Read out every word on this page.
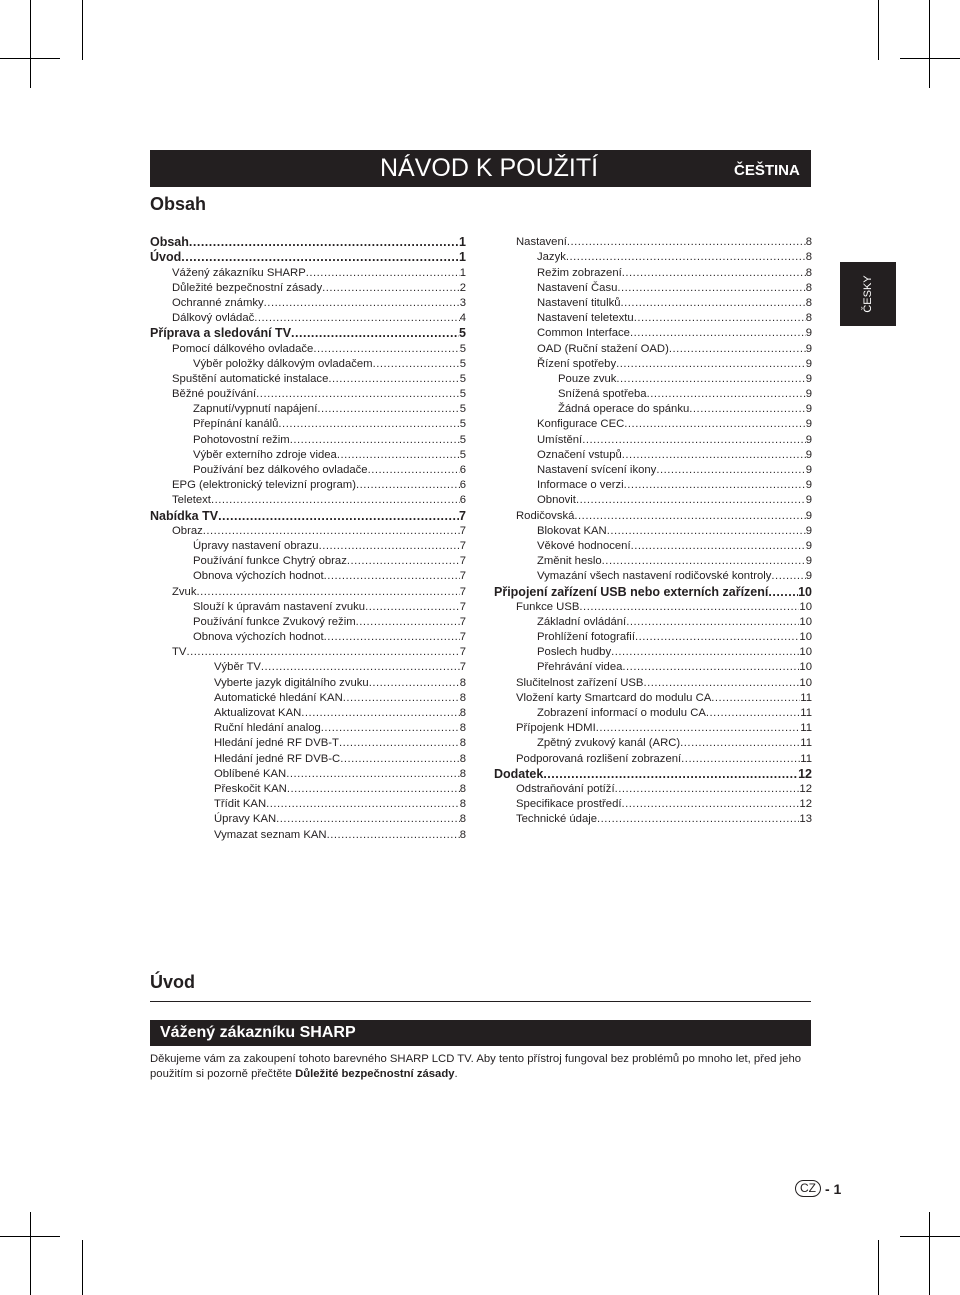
NÁVOD K POUŽITÍ	ČEŠTINA
Obsah
ČESKY
Obsah .....	1
Úvod .....	1
Vážený zákazníku SHARP .....	1
Důležité bezpečnostní zásady .....	2
Ochranné známky .....	3
Dálkový ovládač .....	4
Příprava a sledování TV .....	5
Pomocí dálkového ovladače .....	5
Výběr položky dálkovým ovladačem .....	5
Spuštění automatické instalace .....	5
Běžné používání .....	5
Zapnutí/vypnutí napájení .....	5
Přepínání kanálů .....	5
Pohotovostní režim .....	5
Výběr externího zdroje videa .....	5
Používání bez dálkového ovladače .....	6
EPG (elektronický televizní program) .....	6
Teletext .....	6
Nabídka TV .....	7
Obraz .....	7
Úpravy nastavení obrazu .....	7
Používání funkce Chytrý obraz .....	7
Obnova výchozích hodnot .....	7
Zvuk .....	7
Slouží k úpravám nastavení zvuku .....	7
Používání funkce Zvukový režim .....	7
Obnova výchozích hodnot .....	7
TV .....	7
Výběr TV .....	7
Vyberte jazyk digitálního zvuku .....	8
Automatické hledání KAN .....	8
Aktualizovat KAN .....	8
Ruční hledání analog .....	8
Hledání jedné RF DVB-T .....	8
Hledání jedné RF DVB-C .....	8
Oblíbené KAN .....	8
Přeskočit KAN .....	8
Třídit KAN .....	8
Úpravy KAN .....	8
Vymazat seznam KAN .....	8
Nastavení .....	8
Jazyk .....	8
Režim zobrazení .....	8
Nastavení Času .....	8
Nastavení titulků .....	8
Nastavení teletextu .....	8
Common Interface .....	9
OAD (Ruční stažení OAD) .....	9
Řízení spotřeby .....	9
Pouze zvuk .....	9
Snížená spotřeba .....	9
Žádná operace do spánku .....	9
Konfigurace CEC .....	9
Umístění .....	9
Označení vstupů .....	9
Nastavení svícení ikony .....	9
Informace o verzi .....	9
Obnovit .....	9
Rodičovská .....	9
Blokovat KAN .....	9
Věkové hodnocení .....	9
Změnit heslo .....	9
Vymazání všech nastavení rodičovské kontroly .....	9
Připojení zařízení USB nebo externích zařízení ..... 10
Funkce USB .....	10
Základní ovládání .....	10
Prohlížení fotografií .....	10
Poslech hudby .....	10
Přehrávání videa .....	10
Slučitelnost zařízení USB .....	10
Vložení karty Smartcard do modulu CA .....	11
Zobrazení informací o modulu CA .....	11
Přípojenk HDMI .....	11
Zpětný zvukový kanál (ARC) .....	11
Podporovaná rozlišení zobrazení .....	11
Dodatek .....	12
Odstraňování potíží .....	12
Specifikace prostředí .....	12
Technické údaje .....	13
Úvod
Vážený zákazníku SHARP
Děkujeme vám za zakoupení tohoto barevného SHARP LCD TV. Aby tento přístroj fungoval bez problémů po mnoho let, před jeho použitím si pozorně přečtěte Důležité bezpečnostní zásady.
CZ - 1
